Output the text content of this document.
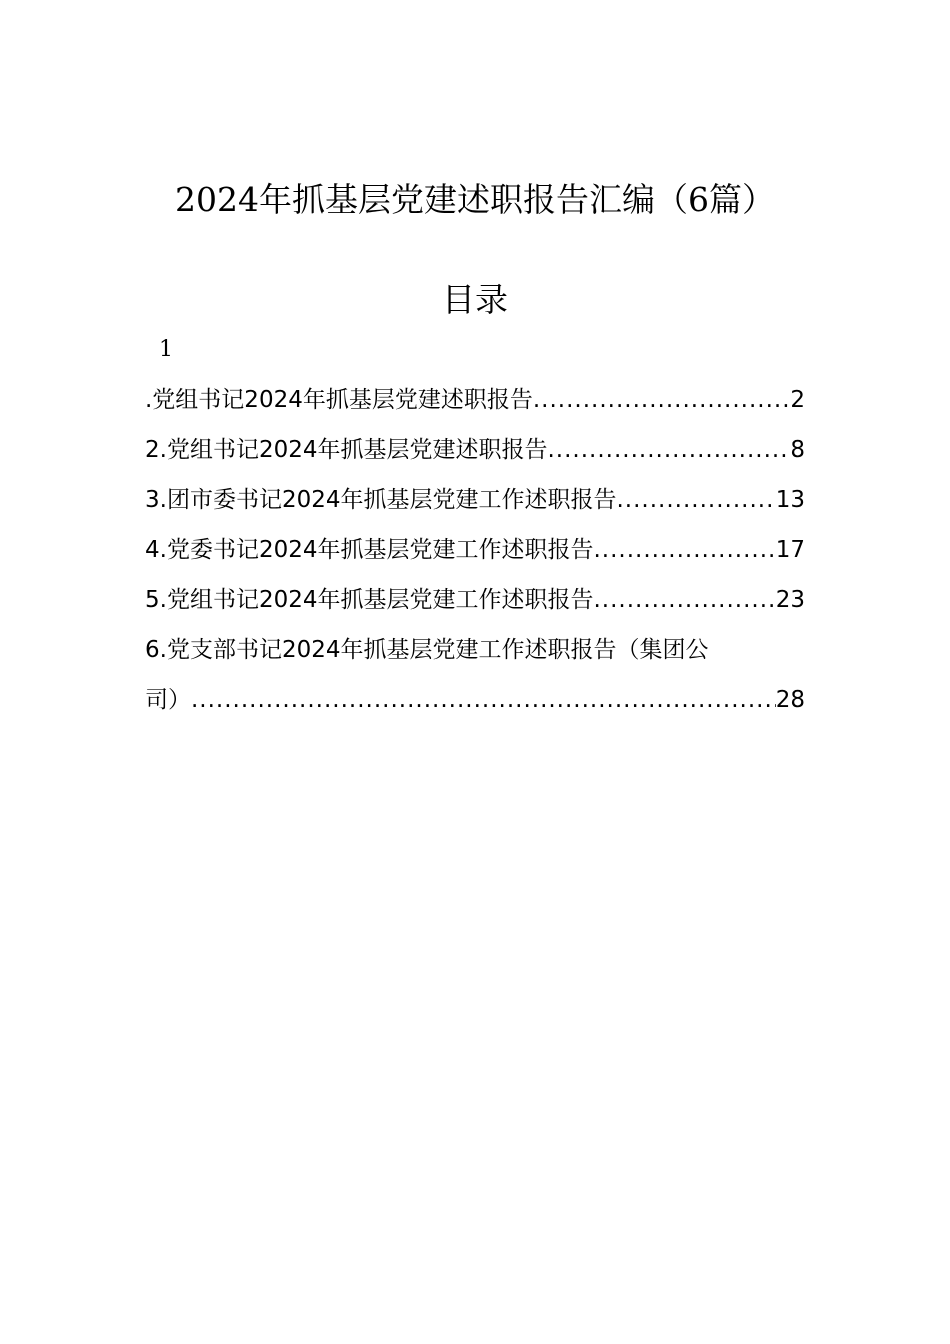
2024年抓基层党建述职报告汇编（6篇）
目录
1
.党组书记2024年抓基层党建述职报告 .....	2
2.党组书记2024年抓基层党建述职报告 .....	8
3.团市委书记2024年抓基层党建工作述职报告 .....	13
4.党委书记2024年抓基层党建工作述职报告 .....	17
5.党组书记2024年抓基层党建工作述职报告 .....	23
6.党支部书记2024年抓基层党建工作述职报告（集团公
司） .....	28
